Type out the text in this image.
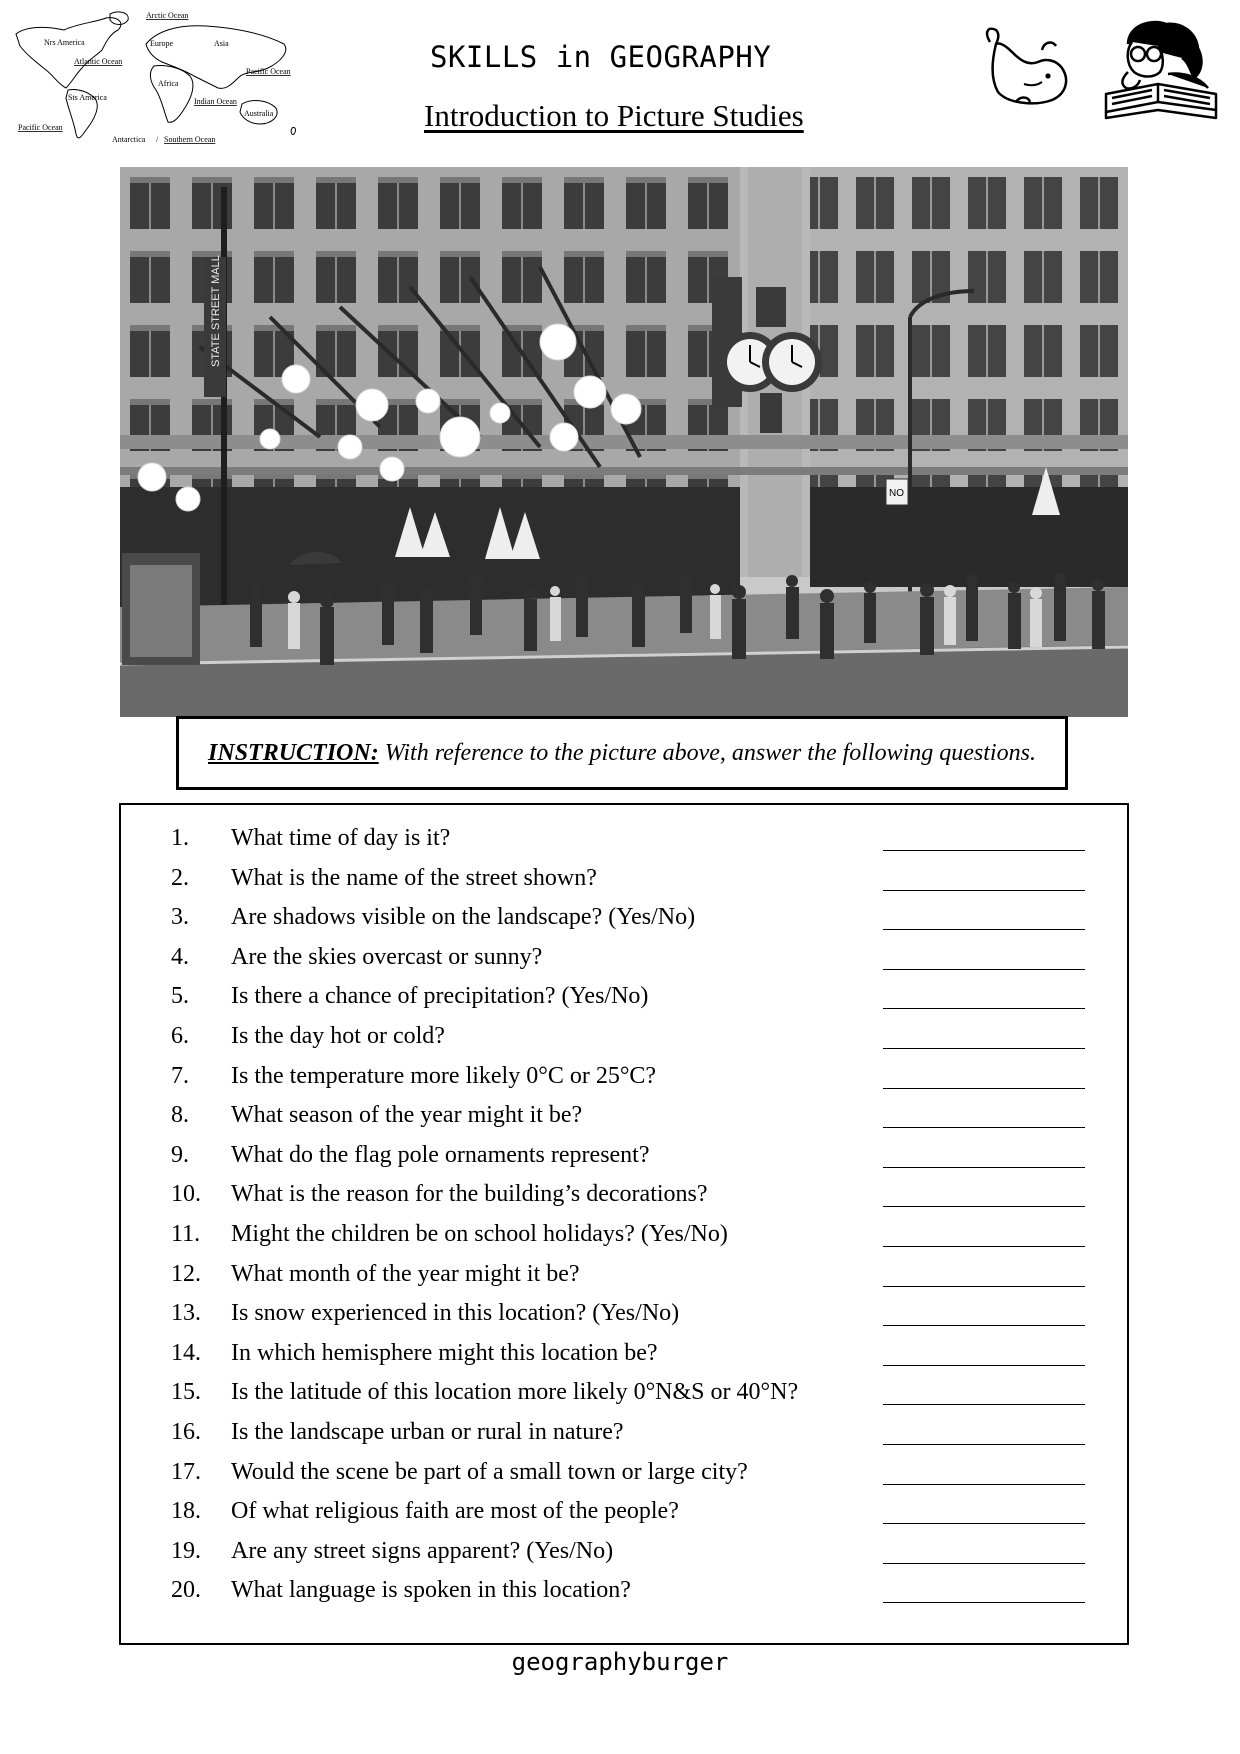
Arctic Ocean
Nrs America	Europe	Asia
Atlantic Ocean
Pacific Ocean
Africa
Sts America	Indian Ocean
Australia
Pacific Ocean
Antarctica / Southern Ocean
SKILLS in GEOGRAPHY
Introduction to Picture Studies
STATE STREET MALL
NO
INSTRUCTION: With reference to the picture above, answer the following questions.
1. What time of day is it?
2. What is the name of the street shown?
3. Are shadows visible on the landscape? (Yes/No)
4. Are the skies overcast or sunny?
5. Is there a chance of precipitation? (Yes/No)
6. Is the day hot or cold?
7. Is the temperature more likely 0°C or 25°C?
8. What season of the year might it be?
9. What do the flag pole ornaments represent?
10. What is the reason for the building’s decorations?
11. Might the children be on school holidays? (Yes/No)
12. What month of the year might it be?
13. Is snow experienced in this location? (Yes/No)
14. In which hemisphere might this location be?
15. Is the latitude of this location more likely 0°N&S or 40°N?
16. Is the landscape urban or rural in nature?
17. Would the scene be part of a small town or large city?
18. Of what religious faith are most of the people?
19. Are any street signs apparent? (Yes/No)
20. What language is spoken in this location?
geographyburger
